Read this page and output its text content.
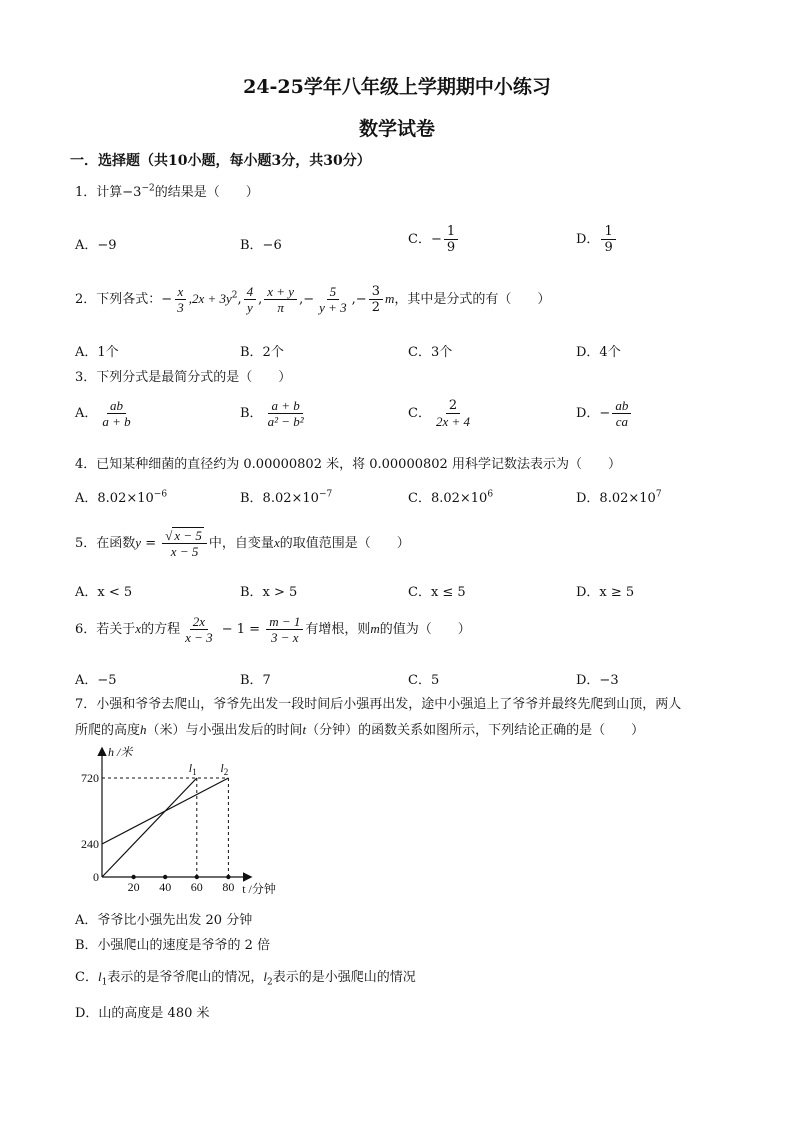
24-25学年八年级上学期期中小练习
数学试卷
一．选择题（共10小题，每小题3分，共30分）
1．计算$-3^{-2}$的结果是（　　）
A．−9	B．−6	C．− $\frac{1}{9}$	D． $\frac{1}{9}$
2．下列各式：− $\frac{x}{3} ,2x + 3y^2$, $\frac{4}{y}$ , $\frac{x + y}{\pi}$ ,− $\frac{5}{y + 3}$ ,− $\frac{3}{2}$ m，其中是分式的有（　　）
A．1个	B．2个	C．3个	D．4个
3．下列分式是最简分式的是（　　）
A． $\frac{ab}{a + b}$	B． $\frac{a + b}{\text{a² − b²}}$	C． $\frac{2}{2x + 4}$	D．− $\frac{ab}{ca}$
4．已知某种细菌的直径约为 0.00000802 米，将 0.00000802 用科学记数法表示为（　　）
A．$8.02\times 10^{-6}$	B．$8.02\times 10^{-7}$	C．$8.02\times 10^6$	D．$8.02\times 10^7$
5．在函数$y = \frac{√ x - 5}{x - 5}$ 中，自变量x的取值范围是（　　）
A．x < 5	B．x > 5	C．x ≤ 5	D．x ≥ 5
6．若关于x的方程 $\frac{2x}{x - 3} - 1 = \frac{m - 1}{3 - x}$ 有增根，则m的值为（　　）
A．−5	B．7	C．5	D．−3
7．小强和爷爷去爬山，爷爷先出发一段时间后小强再出发，途中小强追上了爷爷并最终先爬到山顶，两人
所爬的高度h（米）与小强出发后的时间t（分钟）的函数关系如图所示，下列结论正确的是（　　）
h /米
t /分钟
0
20 40 60 80
720
240
$l_1$ $l_2$
A．爷爷比小强先出发 20 分钟
B．小强爬山的速度是爷爷的 2 倍
C．$l_1$表示的是爷爷爬山的情况，$l_2$表示的是小强爬山的情况
D．山的高度是 480 米
